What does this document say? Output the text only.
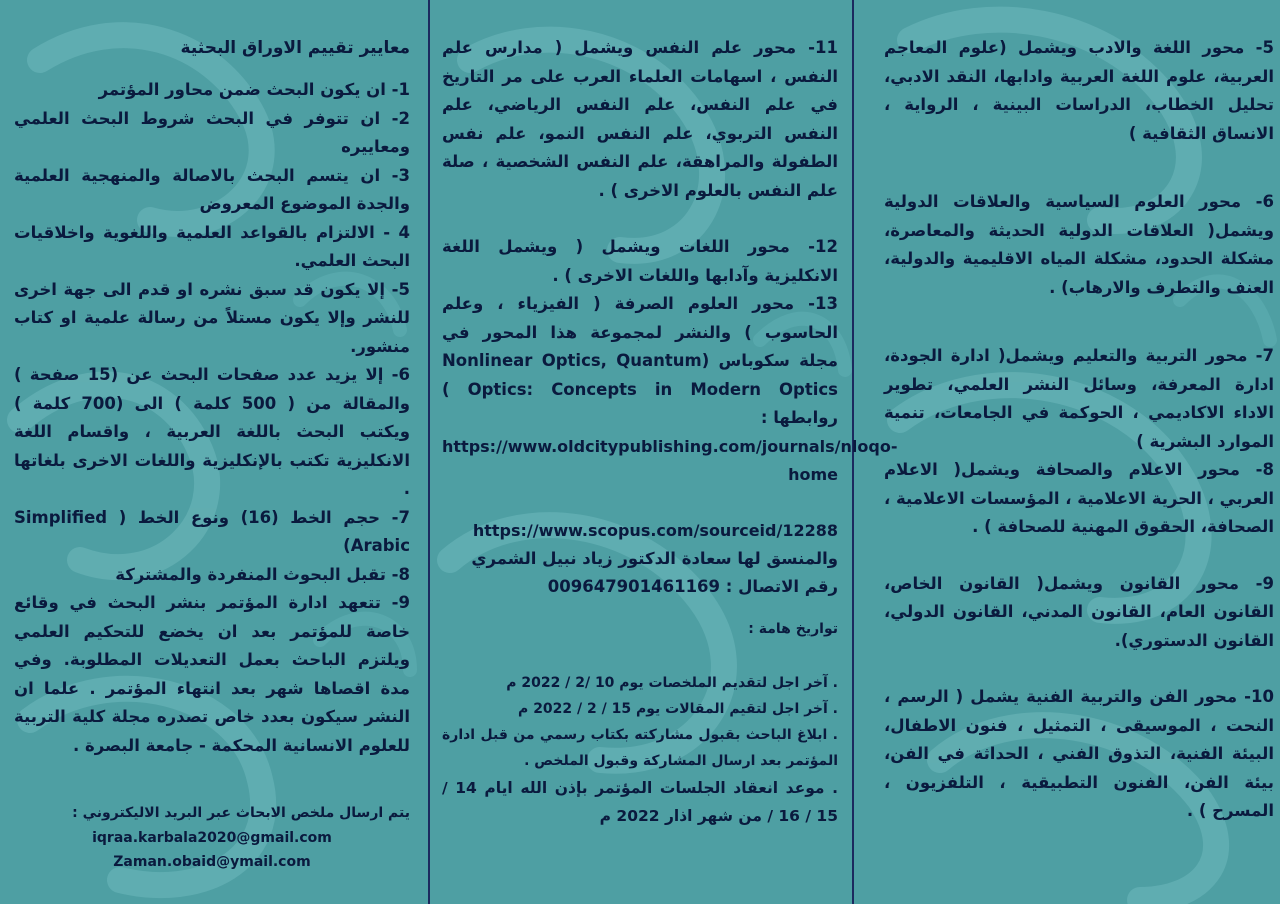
5- محور اللغة والادب ويشمل (علوم المعاجم العربية، علوم اللغة العربية وادابها، النقد الادبي، تحليل الخطاب، الدراسات البينية ، الرواية ، الانساق الثقافية )

6- محور العلوم السياسية والعلاقات الدولية ويشمل( العلاقات الدولية الحديثة والمعاصرة، مشكلة الحدود، مشكلة المياه الاقليمية والدولية، العنف والتطرف والارهاب) .

7- محور التربية والتعليم ويشمل( ادارة الجودة، ادارة المعرفة، وسائل النشر العلمي، تطوير الاداء الاكاديمي ، الحوكمة في الجامعات، تنمية الموارد البشرية )

8- محور الاعلام والصحافة ويشمل( الاعلام العربي ، الحرية الاعلامية ، المؤسسات الاعلامية ، الصحافة، الحقوق المهنية للصحافة ) .

9- محور القانون ويشمل( القانون الخاص، القانون العام، القانون المدني، القانون الدولي، القانون الدستوري).

10- محور الفن والتربية الفنية يشمل ( الرسم ، النحت ، الموسيقى ، التمثيل ، فنون الاطفال، البيئة الفنية، التذوق الفني ، الحداثة في الفن، بيئة الفن، الفنون التطبيقية ، التلفزيون ، المسرح ) .

11- محور علم النفس ويشمل ( مدارس علم النفس ، اسهامات العلماء العرب على مر التاريخ في علم النفس، علم النفس الرياضي، علم النفس التربوي، علم النفس النمو، علم نفس الطفولة والمراهقة، علم النفس الشخصية ، صلة علم النفس بالعلوم الاخرى ) .

12- محور اللغات ويشمل ( ويشمل اللغة الانكليزية وآدابها واللغات الاخرى ) .

13- محور العلوم الصرفة ( الفيزياء ، وعلم الحاسوب ) والنشر لمجموعة هذا المحور في مجلة سكوباس (Nonlinear Optics, Quantum Optics: Concepts in Modern Optics ) روابطها :

https://www.oldcitypublishing.com/journals/nloqo-home

https://www.scopus.com/sourceid/12288

والمنسق لها سعادة الدكتور زياد نبيل الشمري

رقم الاتصال : 009647901461169

تواريخ هامة :

. آخر اجل لتقديم الملخصات يوم 10 /2 / 2022 م

. آخر اجل لتقيم المقالات يوم 15 / 2 / 2022 م

. ابلاغ الباحث بقبول مشاركته بكتاب رسمي من قبل ادارة المؤتمر بعد ارسال المشاركة وقبول الملخص .

. موعد انعقاد الجلسات المؤتمر بإذن الله ايام 14 / 15 / 16 / من شهر اذار 2022 م

معايير تقييم الاوراق البحثية

1- ان يكون البحث ضمن محاور المؤتمر

2- ان تتوفر في البحث شروط البحث العلمي ومعاييره

3- ان يتسم البحث بالاصالة والمنهجية العلمية والجدة الموضوع المعروض

4 - الالتزام بالقواعد العلمية واللغوية واخلاقيات البحث العلمي.

5- إلا يكون قد سبق نشره او قدم الى جهة اخرى للنشر وإلا يكون مستلاً من رسالة علمية او كتاب منشور.

6- إلا يزيد عدد صفحات البحث عن (15 صفحة ) والمقالة من ( 500 كلمة ) الى (700 كلمة ) ويكتب البحث باللغة العربية ، واقسام اللغة الانكليزية تكتب بالإنكليزية واللغات الاخرى بلغاتها .

7- حجم الخط (16) ونوع الخط ( Simplified Arabic)

8- تقبل البحوث المنفردة والمشتركة

9- تتعهد ادارة المؤتمر بنشر البحث في وقائع خاصة للمؤتمر بعد ان يخضع للتحكيم العلمي ويلتزم الباحث بعمل التعديلات المطلوبة. وفي مدة اقصاها شهر بعد انتهاء المؤتمر . علما ان النشر سيكون بعدد خاص تصدره مجلة كلية التربية للعلوم الانسانية المحكمة - جامعة البصرة .

يتم ارسال ملخص الابحاث عبر البريد الاليكتروني :

iqraa.karbala2020@gmail.com

Zaman.obaid@ymail.com
